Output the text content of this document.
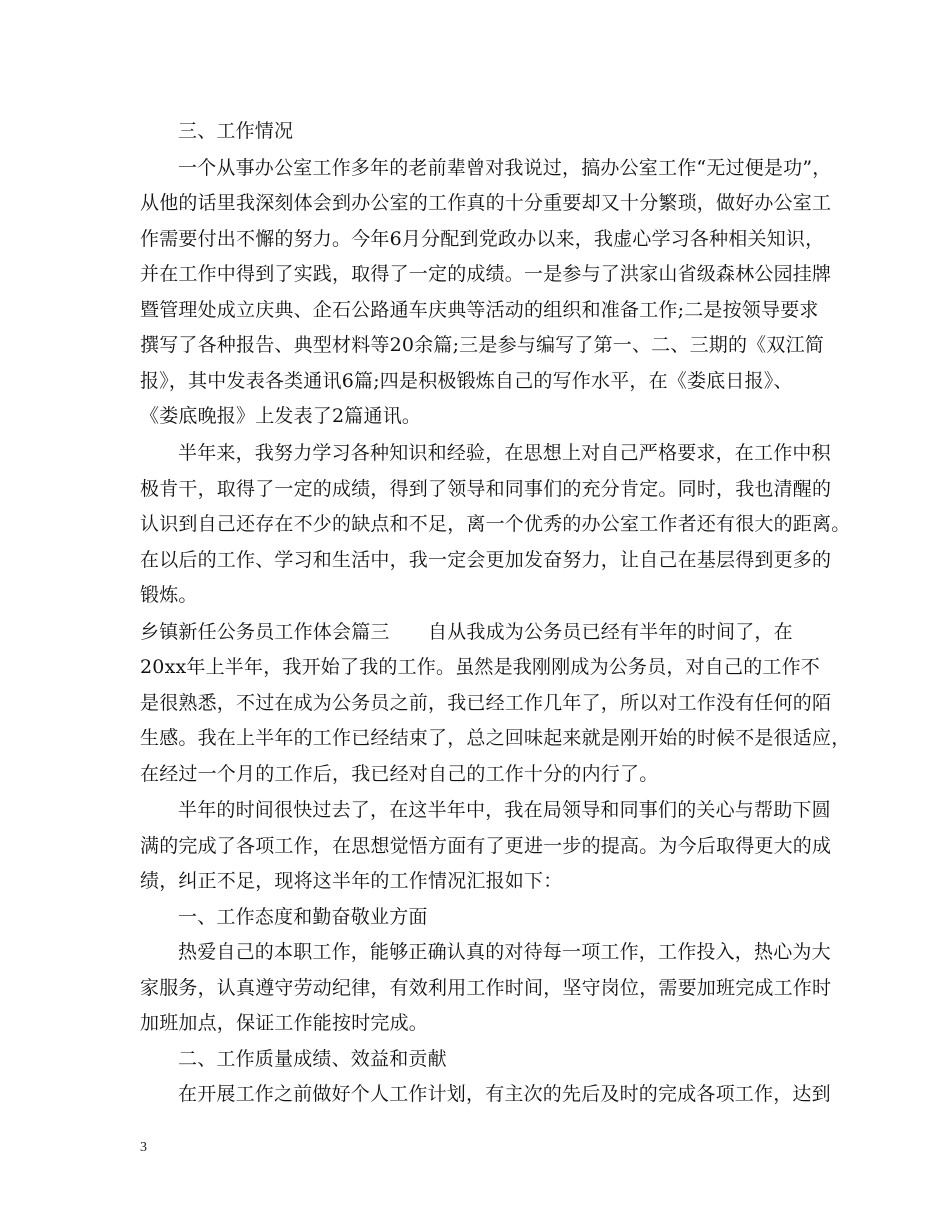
三、工作情况
一个从事办公室工作多年的老前辈曾对我说过，搞办公室工作“无过便是功”，
从他的话里我深刻体会到办公室的工作真的十分重要却又十分繁琐，做好办公室工
作需要付出不懈的努力。今年6月分配到党政办以来，我虚心学习各种相关知识，
并在工作中得到了实践，取得了一定的成绩。一是参与了洪家山省级森林公园挂牌
暨管理处成立庆典、企石公路通车庆典等活动的组织和准备工作;二是按领导要求
撰写了各种报告、典型材料等20余篇;三是参与编写了第一、二、三期的《双江简
报》，其中发表各类通讯6篇;四是积极锻炼自己的写作水平，在《娄底日报》、
《娄底晚报》上发表了2篇通讯。
半年来，我努力学习各种知识和经验，在思想上对自己严格要求，在工作中积
极肯干，取得了一定的成绩，得到了领导和同事们的充分肯定。同时，我也清醒的
认识到自己还存在不少的缺点和不足，离一个优秀的办公室工作者还有很大的距离。
在以后的工作、学习和生活中，我一定会更加发奋努力，让自己在基层得到更多的
锻炼。
乡镇新任公务员工作体会篇三　　自从我成为公务员已经有半年的时间了，在
20xx年上半年，我开始了我的工作。虽然是我刚刚成为公务员，对自己的工作不
是很熟悉，不过在成为公务员之前，我已经工作几年了，所以对工作没有任何的陌
生感。我在上半年的工作已经结束了，总之回味起来就是刚开始的时候不是很适应，
在经过一个月的工作后，我已经对自己的工作十分的内行了。
半年的时间很快过去了，在这半年中，我在局领导和同事们的关心与帮助下圆
满的完成了各项工作，在思想觉悟方面有了更进一步的提高。为今后取得更大的成
绩，纠正不足，现将这半年的工作情况汇报如下：
一、工作态度和勤奋敬业方面
热爱自己的本职工作，能够正确认真的对待每一项工作，工作投入，热心为大
家服务，认真遵守劳动纪律，有效利用工作时间，坚守岗位，需要加班完成工作时
加班加点，保证工作能按时完成。
二、工作质量成绩、效益和贡献
在开展工作之前做好个人工作计划，有主次的先后及时的完成各项工作，达到
3
